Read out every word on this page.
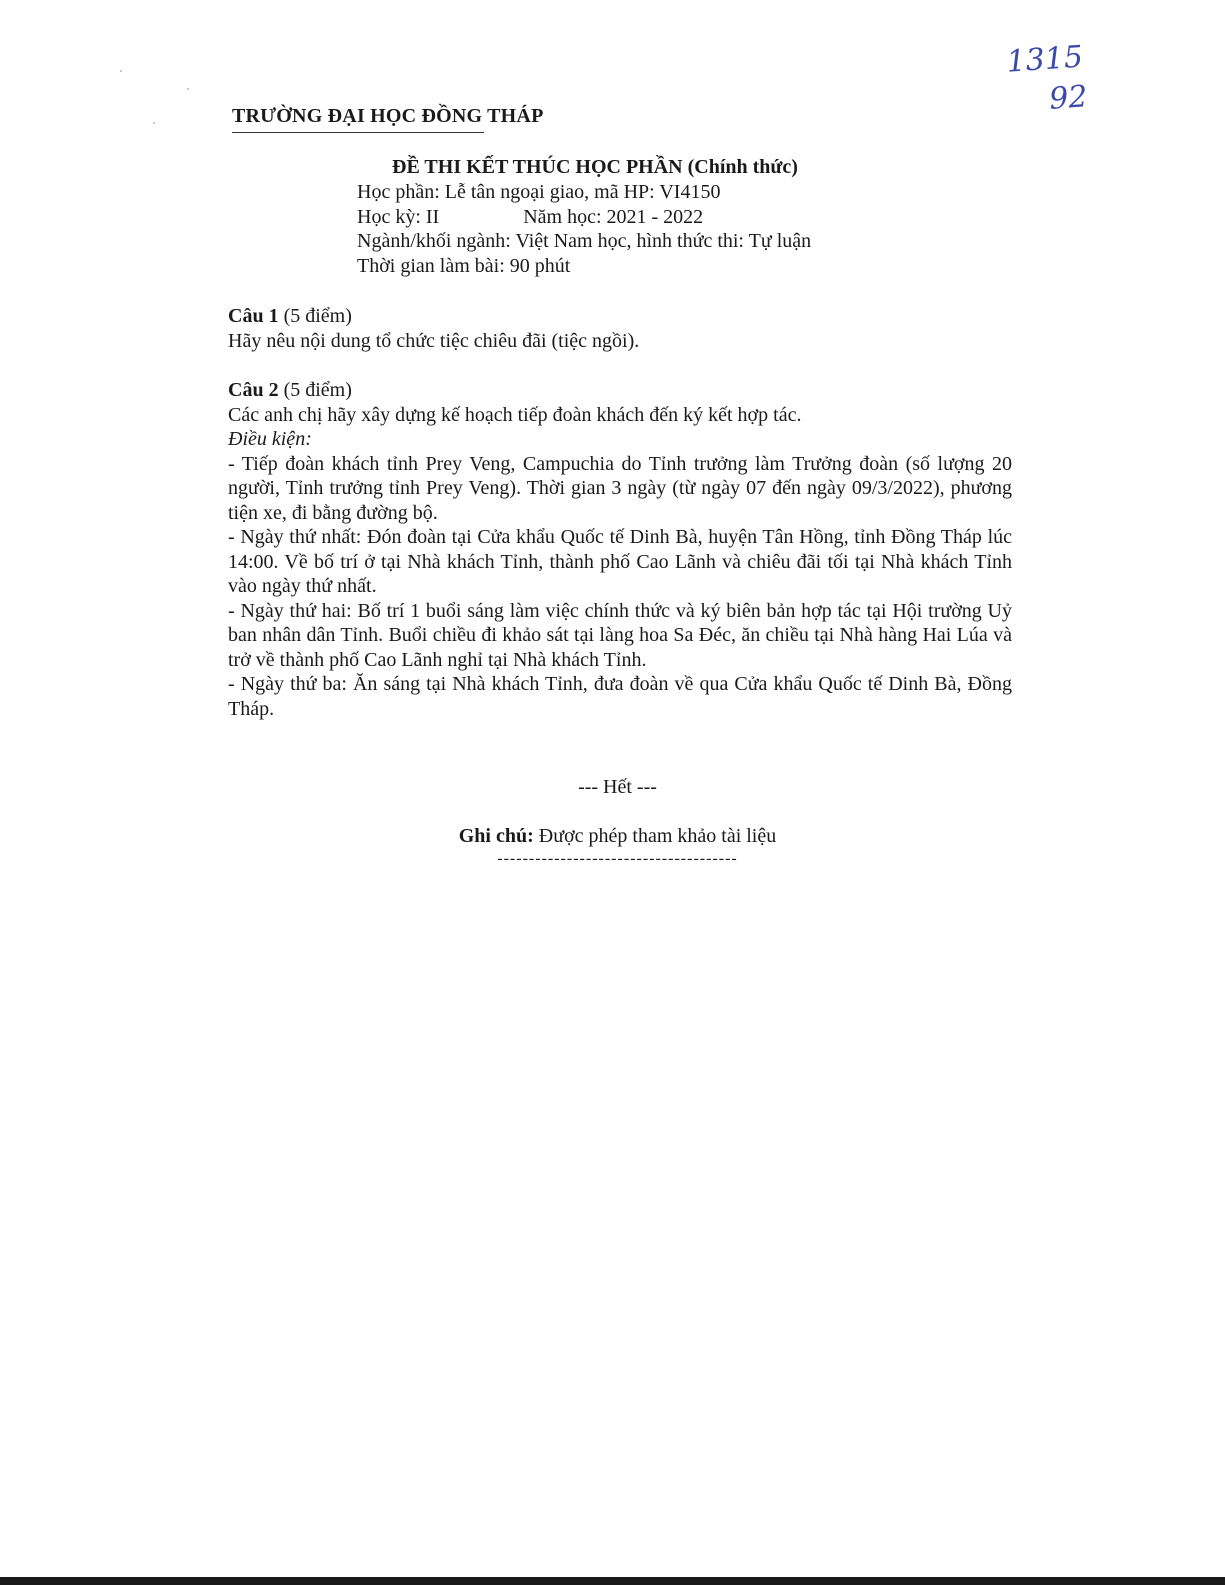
TRƯỜNG ĐẠI HỌC ĐỒNG THÁP
1315
92
ĐỀ THI KẾT THÚC HỌC PHẦN (Chính thức)
Học phần: Lễ tân ngoại giao, mã HP: VI4150
Học kỳ: II	Năm học: 2021 - 2022
Ngành/khối ngành: Việt Nam học, hình thức thi: Tự luận
Thời gian làm bài: 90 phút
Câu 1 (5 điểm)
Hãy nêu nội dung tổ chức tiệc chiêu đãi (tiệc ngồi).
Câu 2 (5 điểm)
Các anh chị hãy xây dựng kế hoạch tiếp đoàn khách đến ký kết hợp tác.
Điều kiện:
- Tiếp đoàn khách tỉnh Prey Veng, Campuchia do Tỉnh trưởng làm Trưởng đoàn (số lượng 20 người, Tỉnh trưởng tỉnh Prey Veng). Thời gian 3 ngày (từ ngày 07 đến ngày 09/3/2022), phương tiện xe, đi bằng đường bộ.
- Ngày thứ nhất: Đón đoàn tại Cửa khẩu Quốc tế Dinh Bà, huyện Tân Hồng, tỉnh Đồng Tháp lúc 14:00. Về bố trí ở tại Nhà khách Tỉnh, thành phố Cao Lãnh và chiêu đãi tối tại Nhà khách Tỉnh vào ngày thứ nhất.
- Ngày thứ hai: Bố trí 1 buổi sáng làm việc chính thức và ký biên bản hợp tác tại Hội trường Uỷ ban nhân dân Tỉnh. Buổi chiều đi khảo sát tại làng hoa Sa Đéc, ăn chiều tại Nhà hàng Hai Lúa và trở về thành phố Cao Lãnh nghỉ tại Nhà khách Tỉnh.
- Ngày thứ ba: Ăn sáng tại Nhà khách Tỉnh, đưa đoàn về qua Cửa khẩu Quốc tế Dinh Bà, Đồng Tháp.
--- Hết ---
Ghi chú: Được phép tham khảo tài liệu
--------------------------------------
